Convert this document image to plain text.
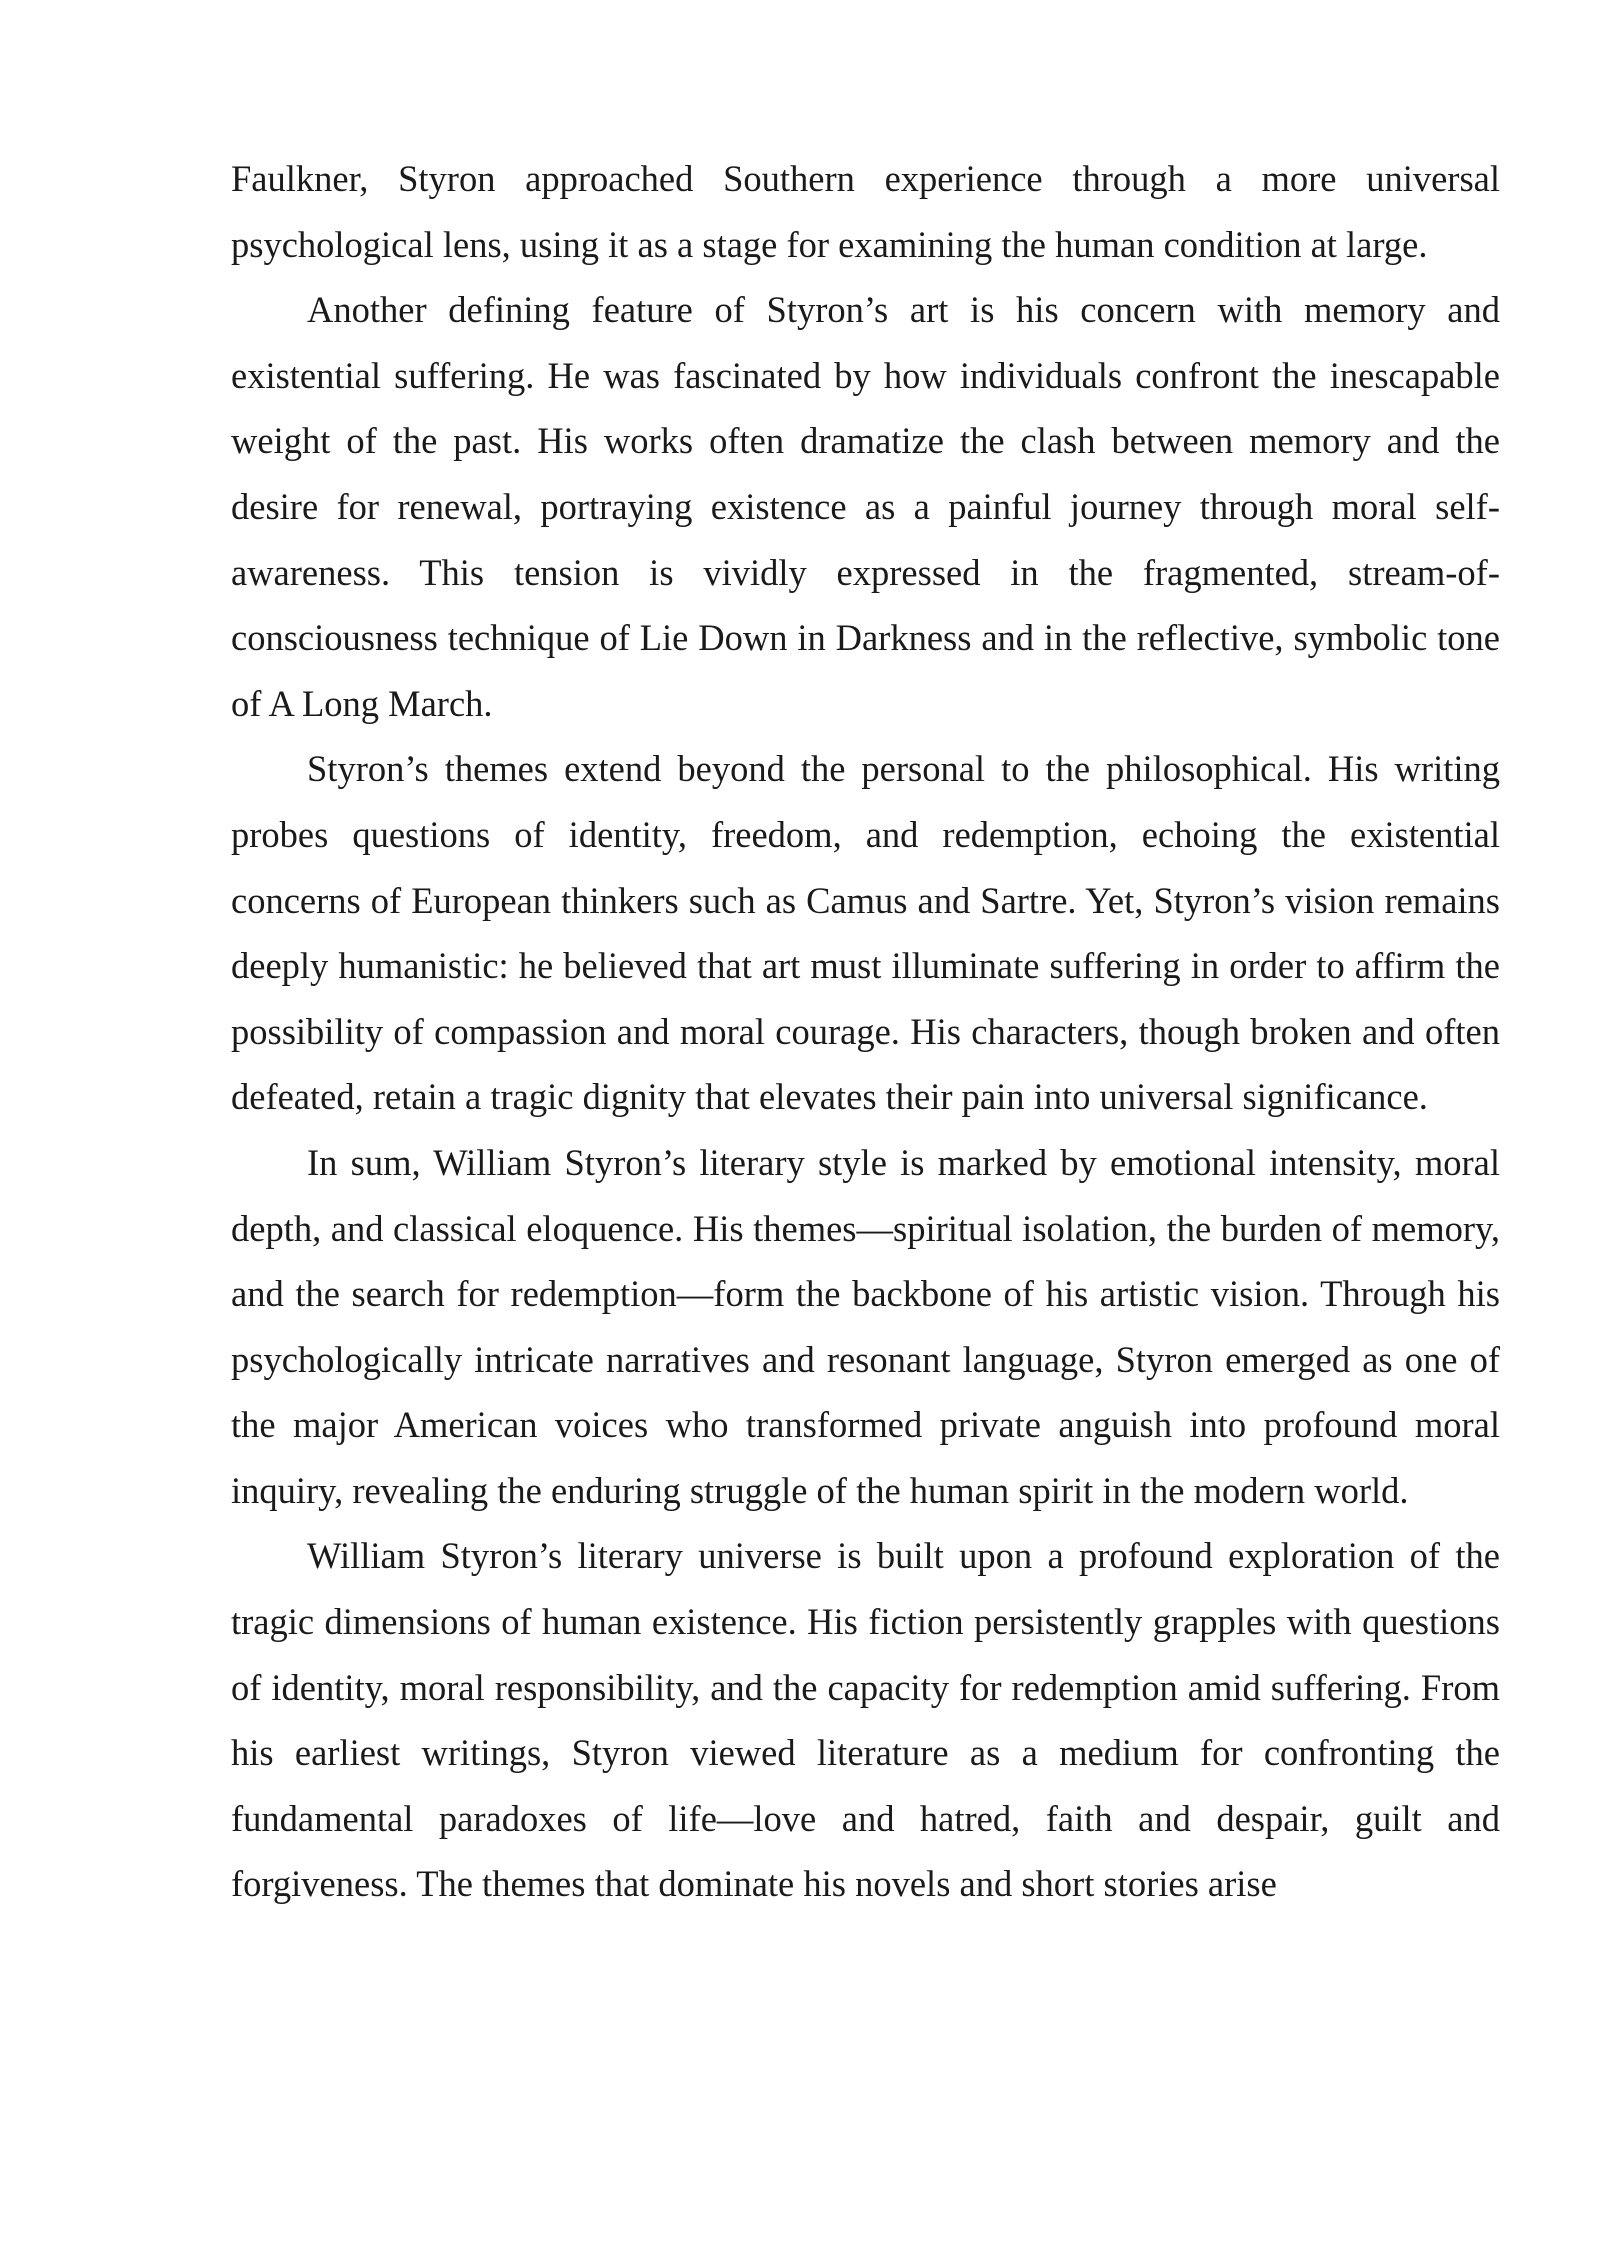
Faulkner, Styron approached Southern experience through a more universal psychological lens, using it as a stage for examining the human condition at large.

Another defining feature of Styron’s art is his concern with memory and existential suffering. He was fascinated by how individuals confront the inescapable weight of the past. His works often dramatize the clash between memory and the desire for renewal, portraying existence as a painful journey through moral self-awareness. This tension is vividly expressed in the fragmented, stream-of-consciousness technique of Lie Down in Darkness and in the reflective, symbolic tone of A Long March.

Styron’s themes extend beyond the personal to the philosophical. His writing probes questions of identity, freedom, and redemption, echoing the existential concerns of European thinkers such as Camus and Sartre. Yet, Styron’s vision remains deeply humanistic: he believed that art must illuminate suffering in order to affirm the possibility of compassion and moral courage. His characters, though broken and often defeated, retain a tragic dignity that elevates their pain into universal significance.

In sum, William Styron’s literary style is marked by emotional intensity, moral depth, and classical eloquence. His themes—spiritual isolation, the burden of memory, and the search for redemption—form the backbone of his artistic vision. Through his psychologically intricate narratives and resonant language, Styron emerged as one of the major American voices who transformed private anguish into profound moral inquiry, revealing the enduring struggle of the human spirit in the modern world.

William Styron’s literary universe is built upon a profound exploration of the tragic dimensions of human existence. His fiction persistently grapples with questions of identity, moral responsibility, and the capacity for redemption amid suffering. From his earliest writings, Styron viewed literature as a medium for confronting the fundamental paradoxes of life—love and hatred, faith and despair, guilt and forgiveness. The themes that dominate his novels and short stories arise
